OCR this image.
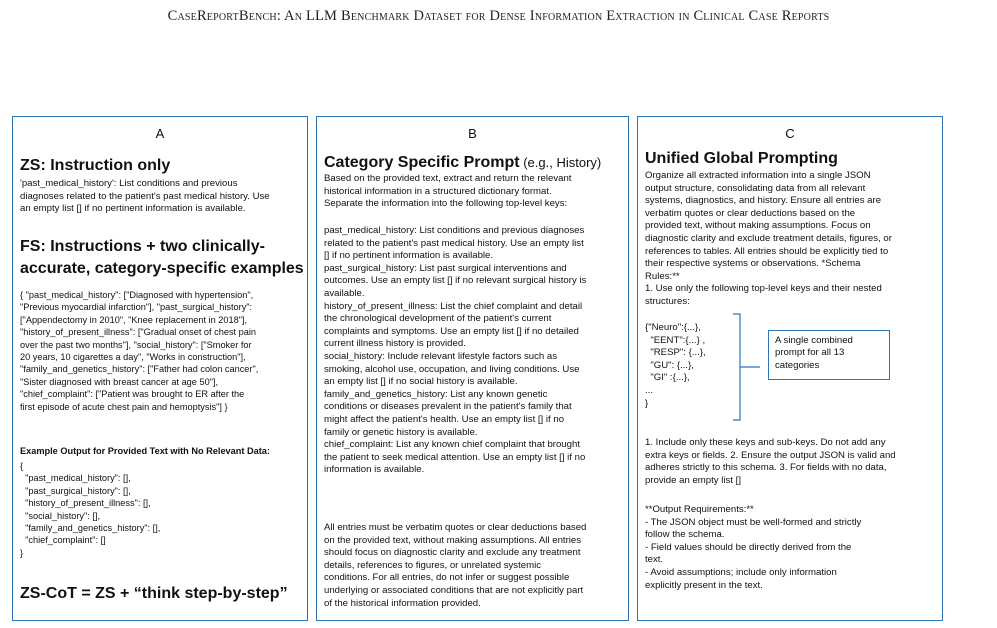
CaseReportBench: An LLM Benchmark Dataset for Dense Information Extraction in Clinical Case Reports
A
ZS: Instruction only
'past_medical_history': List conditions and previous
diagnoses related to the patient's past medical history. Use
an empty list [] if no pertinent information is available.
FS: Instructions + two clinically-
accurate, category-specific examples
{ "past_medical_history": ["Diagnosed with hypertension",
"Previous myocardial infarction"], "past_surgical_history":
["Appendectomy in 2010", "Knee replacement in 2018"],
"history_of_present_illness": ["Gradual onset of chest pain
over the past two months"], "social_history": ["Smoker for
20 years, 10 cigarettes a day", "Works in construction"],
"family_and_genetics_history": ["Father had colon cancer",
"Sister diagnosed with breast cancer at age 50"],
"chief_complaint": ["Patient was brought to ER after the
first episode of acute chest pain and hemoptysis"] }
Example Output for Provided Text with No Relevant Data:
{
"past_medical_history": [],
"past_surgical_history": [],
"history_of_present_illness": [],
"social_history": [],
"family_and_genetics_history": [],
"chief_complaint": []
}
ZS-CoT = ZS + “think step-by-step”
B
Category Specific Prompt (e.g., History)
Based on the provided text, extract and return the relevant
historical information in a structured dictionary format.
Separate the information into the following top-level keys:
past_medical_history: List conditions and previous diagnoses
related to the patient's past medical history. Use an empty list
[] if no pertinent information is available.
past_surgical_history: List past surgical interventions and
outcomes. Use an empty list [] if no relevant surgical history is
available.
history_of_present_illness: List the chief complaint and detail
the chronological development of the patient's current
complaints and symptoms. Use an empty list [] if no detailed
current illness history is provided.
social_history: Include relevant lifestyle factors such as
smoking, alcohol use, occupation, and living conditions. Use
an empty list [] if no social history is available.
family_and_genetics_history: List any known genetic
conditions or diseases prevalent in the patient's family that
might affect the patient's health. Use an empty list [] if no
family or genetic history is available.
chief_complaint: List any known chief complaint that brought
the patient to seek medical attention. Use an empty list [] if no
information is available.
All entries must be verbatim quotes or clear deductions based
on the provided text, without making assumptions. All entries
should focus on diagnostic clarity and exclude any treatment
details, references to figures, or unrelated systemic
conditions. For all entries, do not infer or suggest possible
underlying or associated conditions that are not explicitly part
of the historical information provided.
C
Unified Global Prompting
Organize all extracted information into a single JSON
output structure, consolidating data from all relevant
systems, diagnostics, and history. Ensure all entries are
verbatim quotes or clear deductions based on the
provided text, without making assumptions. Focus on
diagnostic clarity and exclude treatment details, figures, or
references to tables. All entries should be explicitly tied to
their respective systems or observations. *Schema
Rules:**
1. Use only the following top-level keys and their nested
structures:
{"Neuro":{...},
"EENT":{...} ,
"RESP": {...},
"GU": {...},
"GI" :{...},
...
}
A single combined
prompt for all 13
categories
1. Include only these keys and sub-keys. Do not add any
extra keys or fields. 2. Ensure the output JSON is valid and
adheres strictly to this schema. 3. For fields with no data,
provide an empty list []
**Output Requirements:**
- The JSON object must be well-formed and strictly
follow the schema.
- Field values should be directly derived from the
text.
- Avoid assumptions; include only information
explicitly present in the text.
